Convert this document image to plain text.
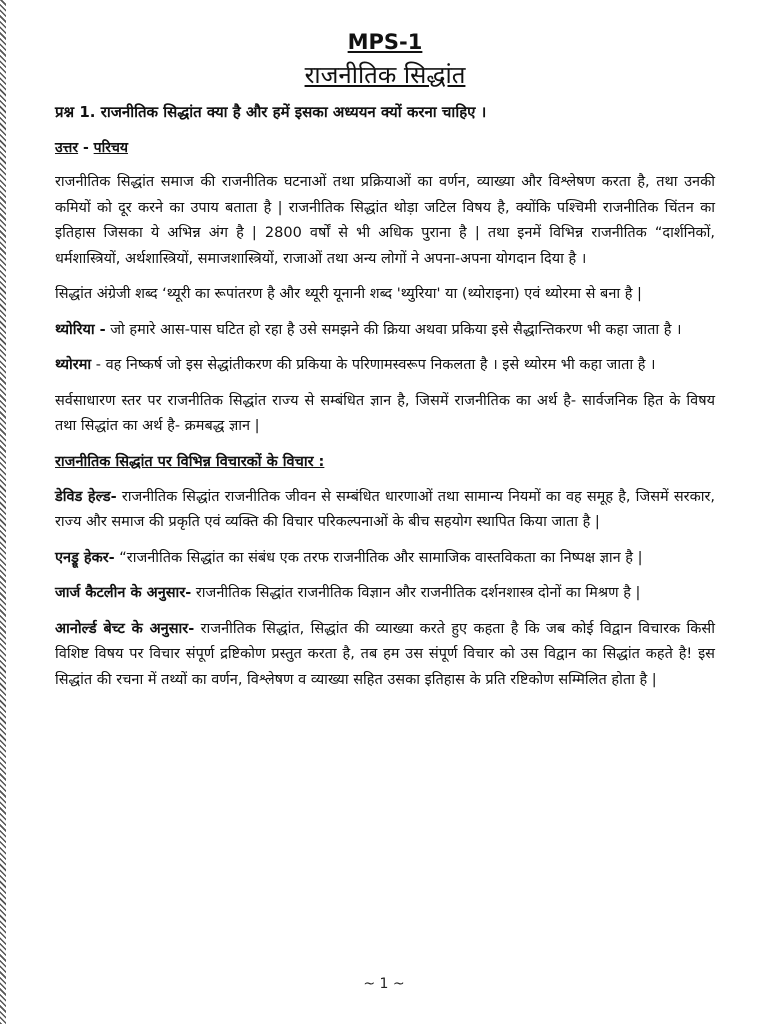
MPS-1
राजनीतिक सिद्धांत
प्रश्न 1. राजनीतिक सिद्धांत क्या है और हमें इसका अध्ययन क्यों करना चाहिए ।
उत्तर - परिचय

राजनीतिक सिद्धांत समाज की राजनीतिक घटनाओं तथा प्रक्रियाओं का वर्णन, व्याख्या और विश्लेषण करता है, तथा उनकी कमियों को दूर करने का उपाय बताता है | राजनीतिक सिद्धांत थोड़ा जटिल विषय है, क्योंकि पश्चिमी राजनीतिक चिंतन का इतिहास जिसका ये अभिन्न अंग है | 2800 वर्षों से भी अधिक पुराना है | तथा इनमें विभिन्न राजनीतिक “दार्शनिकों, धर्मशास्त्रियों, अर्थशास्त्रियों, समाजशास्त्रियों, राजाओं तथा अन्य लोगों ने अपना-अपना योगदान दिया है ।

सिद्धांत अंग्रेजी शब्द ‘थ्यूरी का रूपांतरण है और थ्यूरी यूनानी शब्द 'थ्युरिया' या (थ्योराइना) एवं थ्योरमा से बना है |

थ्योरिया - जो हमारे आस-पास घटित हो रहा है उसे समझने की क्रिया अथवा प्रकिया इसे सैद्धान्तिकरण भी कहा जाता है ।

थ्योरमा - वह निष्कर्ष जो इस सेद्धांतीकरण की प्रकिया के परिणामस्वरूप निकलता है । इसे थ्योरम भी कहा जाता है ।

सर्वसाधारण स्तर पर राजनीतिक सिद्धांत राज्य से सम्बंधित ज्ञान है, जिसमें राजनीतिक का अर्थ है- सार्वजनिक हित के विषय तथा सिद्धांत का अर्थ है- क्रमबद्ध ज्ञान |

राजनीतिक सिद्धांत पर विभिन्न विचारकों के विचार :

डेविड हेल्ड- राजनीतिक सिद्धांत राजनीतिक जीवन से सम्बंधित धारणाओं तथा सामान्य नियमों का वह समूह है, जिसमें सरकार, राज्य और समाज की प्रकृति एवं व्यक्ति की विचार परिकल्पनाओं के बीच सहयोग स्थापित किया जाता है |

एनड्रू हेकर- “राजनीतिक सिद्धांत का संबंध एक तरफ राजनीतिक और सामाजिक वास्तविकता का निष्पक्ष ज्ञान है |

जार्ज कैटलीन के अनुसार- राजनीतिक सिद्धांत राजनीतिक विज्ञान और राजनीतिक दर्शनशास्त्र दोनों का मिश्रण है |

आनोर्ल्ड बेच्ट के अनुसार- राजनीतिक सिद्धांत, सिद्धांत की व्याख्या करते हुए कहता है कि जब कोई विद्वान विचारक किसी विशिष्ट विषय पर विचार संपूर्ण द्रष्टिकोण प्रस्तुत करता है, तब हम उस संपूर्ण विचार को उस विद्वान का सिद्धांत कहते है! इस सिद्धांत की रचना में तथ्यों का वर्णन, विश्लेषण व व्याख्या सहित उसका इतिहास के प्रति रष्टिकोण सम्मिलित होता है |

~ 1 ~
